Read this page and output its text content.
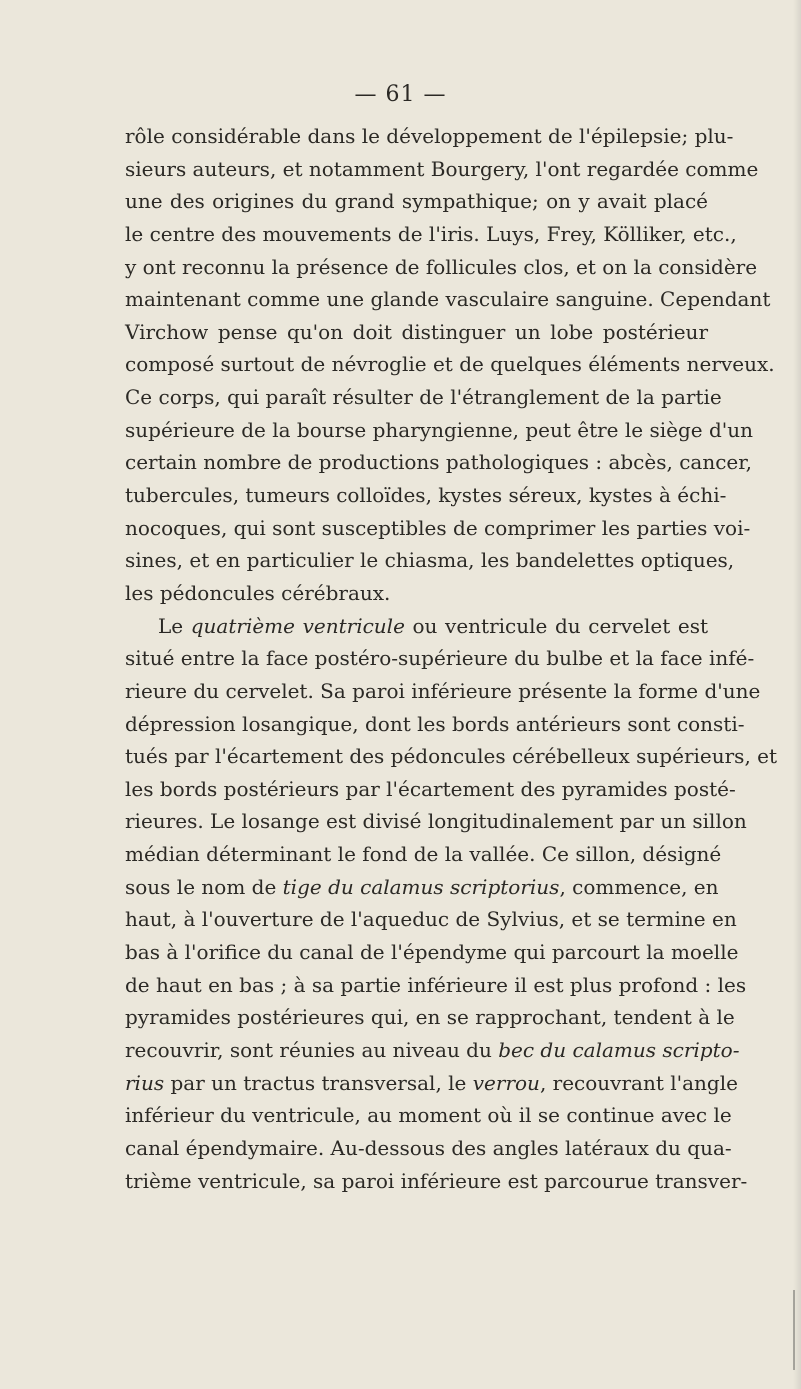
— 61 —
rôle considérable dans le développement de l'épilepsie; plu-
sieurs auteurs, et notamment Bourgery, l'ont regardée comme
une des origines du grand sympathique; on y avait placé
le centre des mouvements de l'iris. Luys, Frey, Kölliker, etc.,
y ont reconnu la présence de follicules clos, et on la considère
maintenant comme une glande vasculaire sanguine. Cependant
Virchow pense qu'on doit distinguer un lobe postérieur
composé surtout de névroglie et de quelques éléments nerveux.
Ce corps, qui paraît résulter de l'étranglement de la partie
supérieure de la bourse pharyngienne, peut être le siège d'un
certain nombre de productions pathologiques : abcès, cancer,
tubercules, tumeurs colloïdes, kystes séreux, kystes à échi-
nocoques, qui sont susceptibles de comprimer les parties voi-
sines, et en particulier le chiasma, les bandelettes optiques,
les pédoncules cérébraux.
Le quatrième ventricule ou ventricule du cervelet est
situé entre la face postéro-supérieure du bulbe et la face infé-
rieure du cervelet. Sa paroi inférieure présente la forme d'une
dépression losangique, dont les bords antérieurs sont consti-
tués par l'écartement des pédoncules cérébelleux supérieurs, et
les bords postérieurs par l'écartement des pyramides posté-
rieures. Le losange est divisé longitudinalement par un sillon
médian déterminant le fond de la vallée. Ce sillon, désigné
sous le nom de tige du calamus scriptorius, commence, en
haut, à l'ouverture de l'aqueduc de Sylvius, et se termine en
bas à l'orifice du canal de l'épendyme qui parcourt la moelle
de haut en bas ; à sa partie inférieure il est plus profond : les
pyramides postérieures qui, en se rapprochant, tendent à le
recouvrir, sont réunies au niveau du bec du calamus scripto-
rius par un tractus transversal, le verrou, recouvrant l'angle
inférieur du ventricule, au moment où il se continue avec le
canal épendymaire. Au-dessous des angles latéraux du qua-
trième ventricule, sa paroi inférieure est parcourue transver-
